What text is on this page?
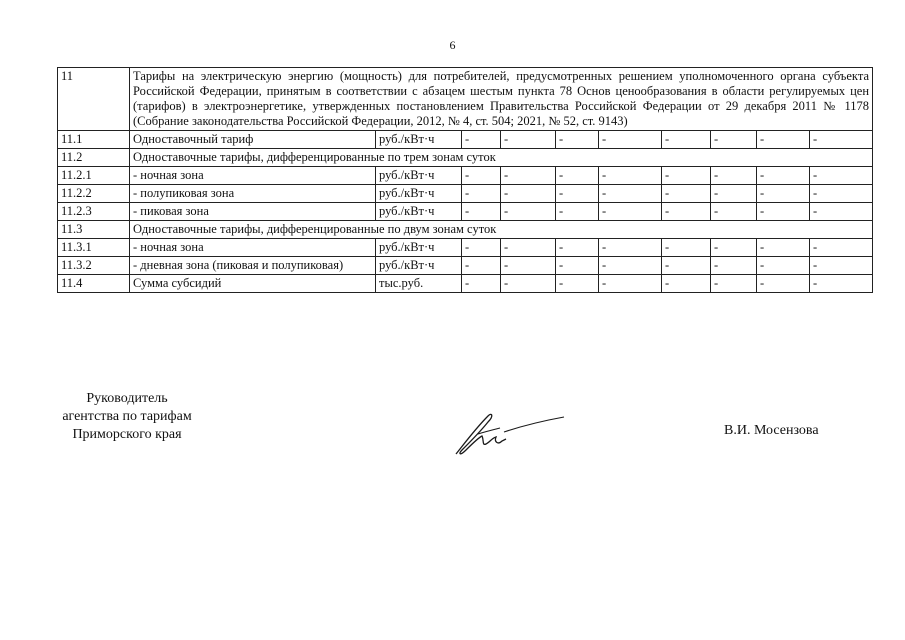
6
11	Тарифы на электрическую энергию (мощность) для потребителей, предусмотренных решением уполномоченного органа субъекта Российской Федерации, принятым в соответствии с абзацем шестым пункта 78 Основ ценообразования в области регулируемых цен (тарифов) в электроэнергетике, утвержденных постановлением Правительства Российской Федерации от 29 декабря 2011 № 1178 (Собрание законодательства Российской Федерации, 2012, № 4, ст. 504; 2021, № 52, ст. 9143)									
11.1	Одноставочный тариф	руб./кВт·ч	-	-	-	-	-	-	-	-
11.2	Одноставочные тарифы, дифференцированные по трем зонам суток									
11.2.1	- ночная зона	руб./кВт·ч	-	-	-	-	-	-	-	-
11.2.2	- полупиковая зона	руб./кВт·ч	-	-	-	-	-	-	-	-
11.2.3	- пиковая зона	руб./кВт·ч	-	-	-	-	-	-	-	-
11.3	Одноставочные тарифы, дифференцированные по двум зонам суток									
11.3.1	- ночная зона	руб./кВт·ч	-	-	-	-	-	-	-	-
11.3.2	- дневная зона (пиковая и полупиковая)	руб./кВт·ч	-	-	-	-	-	-	-	-
11.4	Сумма субсидий	тыс.руб.	-	-	-	-	-	-	-	-
Руководитель
агентства по тарифам
Приморского края	В.И. Мосензова
